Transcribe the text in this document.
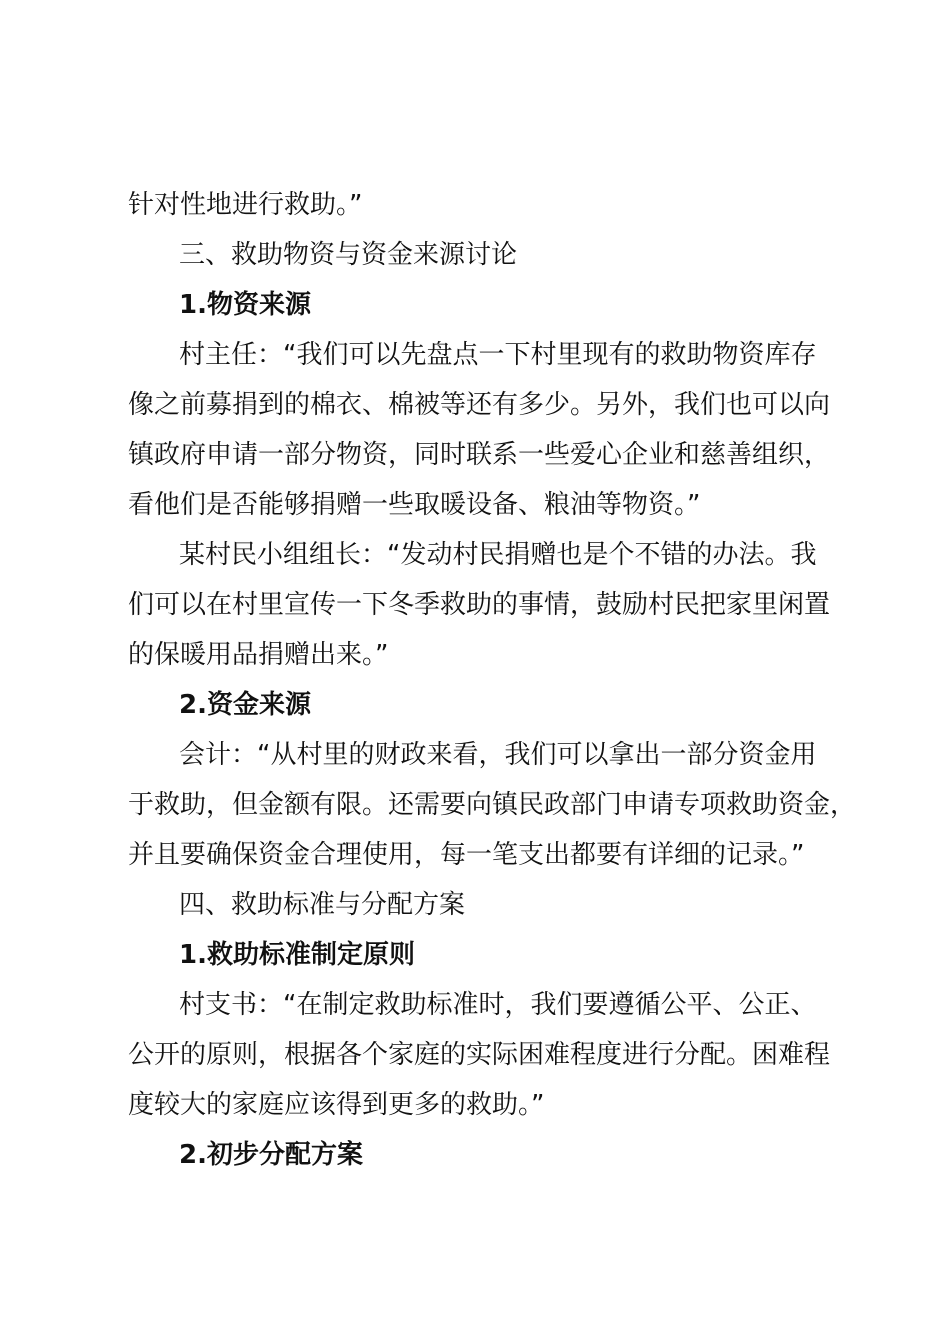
针对性地进行救助。”
三、救助物资与资金来源讨论
1.物资来源
村主任：“我们可以先盘点一下村里现有的救助物资库存
像之前募捐到的棉衣、棉被等还有多少。另外，我们也可以向
镇政府申请一部分物资，同时联系一些爱心企业和慈善组织，
看他们是否能够捐赠一些取暖设备、粮油等物资。”
某村民小组组长：“发动村民捐赠也是个不错的办法。我
们可以在村里宣传一下冬季救助的事情，鼓励村民把家里闲置
的保暖用品捐赠出来。”
2.资金来源
会计：“从村里的财政来看，我们可以拿出一部分资金用
于救助，但金额有限。还需要向镇民政部门申请专项救助资金，
并且要确保资金合理使用，每一笔支出都要有详细的记录。”
四、救助标准与分配方案
1.救助标准制定原则
村支书：“在制定救助标准时，我们要遵循公平、公正、
公开的原则，根据各个家庭的实际困难程度进行分配。困难程
度较大的家庭应该得到更多的救助。”
2.初步分配方案
